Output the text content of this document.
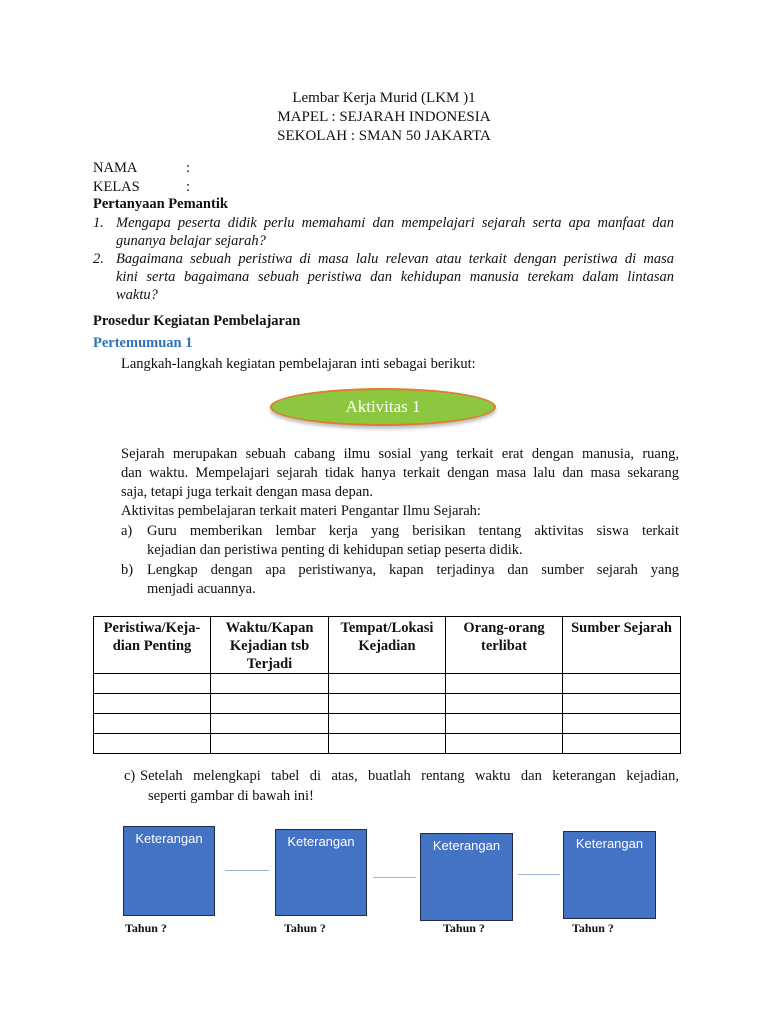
Lembar Kerja Murid (LKM )1
MAPEL : SEJARAH INDONESIA
SEKOLAH : SMAN 50 JAKARTA
NAMA	:
KELAS	:
Pertanyaan Pemantik
1. Mengapa peserta didik perlu memahami dan mempelajari sejarah serta apa manfaat dan
gunanya belajar sejarah?
2. Bagaimana sebuah peristiwa di masa lalu relevan atau terkait dengan peristiwa di masa
kini serta bagaimana sebuah peristiwa dan kehidupan manusia terekam dalam lintasan
waktu?
Prosedur Kegiatan Pembelajaran
Pertemumuan 1
Langkah-langkah kegiatan pembelajaran inti sebagai berikut:
Aktivitas 1
Sejarah merupakan sebuah cabang ilmu sosial yang terkait erat dengan manusia, ruang,
dan waktu. Mempelajari sejarah tidak hanya terkait dengan masa lalu dan masa sekarang
saja, tetapi juga terkait dengan masa depan.
Aktivitas pembelajaran terkait materi Pengantar Ilmu Sejarah:
a) Guru memberikan lembar kerja yang berisikan tentang aktivitas siswa terkait
kejadian dan peristiwa penting di kehidupan setiap peserta didik.
b) Lengkap dengan apa peristiwanya, kapan terjadinya dan sumber sejarah yang
menjadi acuannya.
Peristiwa/Keja-dian Penting	Waktu/Kapan Kejadian tsb Terjadi	Tempat/Lokasi Kejadian	Orang-orang terlibat	Sumber Sejarah

c) Setelah melengkapi tabel di atas, buatlah rentang waktu dan keterangan kejadian,
seperti gambar di bawah ini!
Keterangan	Keterangan	Keterangan	Keterangan
Tahun ?	Tahun ?	Tahun ?	Tahun ?
